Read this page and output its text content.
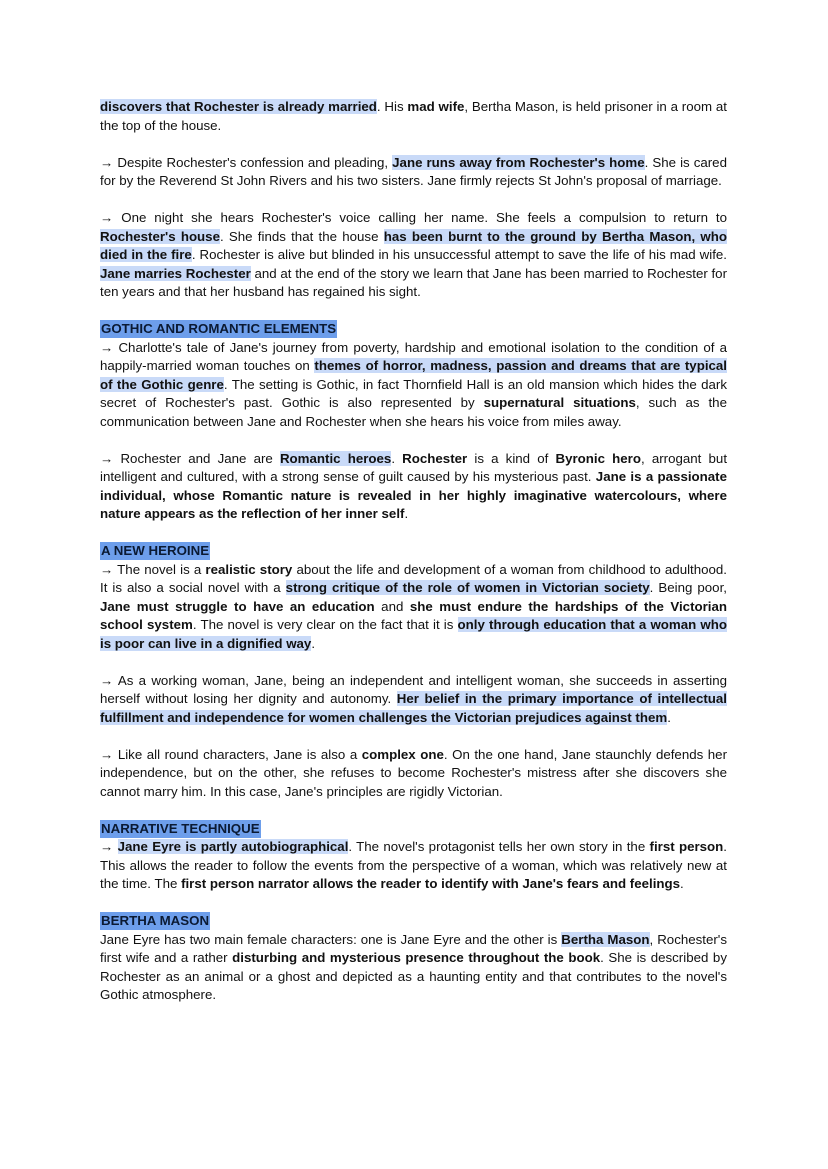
discovers that Rochester is already married. His mad wife, Bertha Mason, is held prisoner in a room at the top of the house.

→ Despite Rochester's confession and pleading, Jane runs away from Rochester's home. She is cared for by the Reverend St John Rivers and his two sisters. Jane firmly rejects St John's proposal of marriage.

→ One night she hears Rochester's voice calling her name. She feels a compulsion to return to Rochester's house. She finds that the house has been burnt to the ground by Bertha Mason, who died in the fire. Rochester is alive but blinded in his unsuccessful attempt to save the life of his mad wife. Jane marries Rochester and at the end of the story we learn that Jane has been married to Rochester for ten years and that her husband has regained his sight.

GOTHIC AND ROMANTIC ELEMENTS

→ Charlotte's tale of Jane's journey from poverty, hardship and emotional isolation to the condition of a happily-married woman touches on themes of horror, madness, passion and dreams that are typical of the Gothic genre. The setting is Gothic, in fact Thornfield Hall is an old mansion which hides the dark secret of Rochester's past. Gothic is also represented by supernatural situations, such as the communication between Jane and Rochester when she hears his voice from miles away.

→ Rochester and Jane are Romantic heroes. Rochester is a kind of Byronic hero, arrogant but intelligent and cultured, with a strong sense of guilt caused by his mysterious past. Jane is a passionate individual, whose Romantic nature is revealed in her highly imaginative watercolours, where nature appears as the reflection of her inner self.

A NEW HEROINE

→ The novel is a realistic story about the life and development of a woman from childhood to adulthood. It is also a social novel with a strong critique of the role of women in Victorian society. Being poor, Jane must struggle to have an education and she must endure the hardships of the Victorian school system. The novel is very clear on the fact that it is only through education that a woman who is poor can live in a dignified way.

→ As a working woman, Jane, being an independent and intelligent woman, she succeeds in asserting herself without losing her dignity and autonomy. Her belief in the primary importance of intellectual fulfillment and independence for women challenges the Victorian prejudices against them.

→ Like all round characters, Jane is also a complex one. On the one hand, Jane staunchly defends her independence, but on the other, she refuses to become Rochester's mistress after she discovers she cannot marry him. In this case, Jane's principles are rigidly Victorian.

NARRATIVE TECHNIQUE

→ Jane Eyre is partly autobiographical. The novel's protagonist tells her own story in the first person. This allows the reader to follow the events from the perspective of a woman, which was relatively new at the time. The first person narrator allows the reader to identify with Jane's fears and feelings.

BERTHA MASON

Jane Eyre has two main female characters: one is Jane Eyre and the other is Bertha Mason, Rochester's first wife and a rather disturbing and mysterious presence throughout the book. She is described by Rochester as an animal or a ghost and depicted as a haunting entity and that contributes to the novel's Gothic atmosphere.
